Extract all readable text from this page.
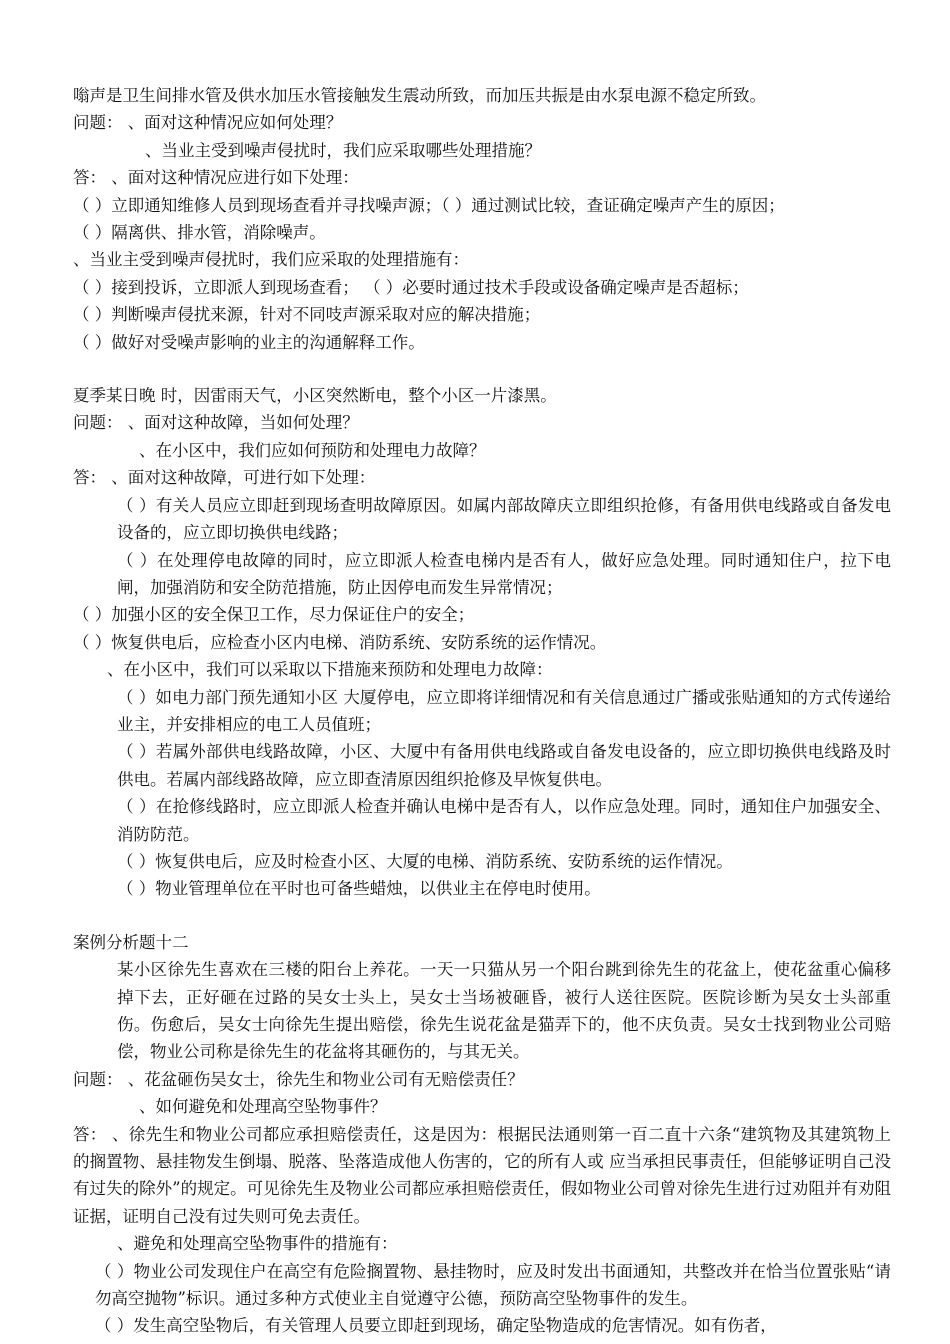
嗡声是卫生间排水管及供水加压水管接触发生震动所致，而加压共振是由水泵电源不稳定所致。
问题： 、面对这种情况应如何处理？
、当业主受到噪声侵扰时，我们应采取哪些处理措施？
答： 、面对这种情况应进行如下处理：
（ ）立即通知维修人员到现场查看并寻找噪声源；（ ）通过测试比较，查证确定噪声产生的原因；
（ ）隔离供、排水管，消除噪声。
、当业主受到噪声侵扰时，我们应采取的处理措施有：
（ ）接到投诉，立即派人到现场查看； （ ）必要时通过技术手段或设备确定噪声是否超标；
（ ）判断噪声侵扰来源，针对不同吱声源采取对应的解决措施；
（ ）做好对受噪声影响的业主的沟通解释工作。
夏季某日晚 时，因雷雨天气，小区突然断电，整个小区一片漆黑。
问题： 、面对这种故障，当如何处理？
、在小区中，我们应如何预防和处理电力故障？
答： 、面对这种故障，可进行如下处理：
（ ）有关人员应立即赶到现场查明故障原因。如属内部故障庆立即组织抢修，有备用供电线路或自备发电设备的，应立即切换供电线路；
（ ）在处理停电故障的同时，应立即派人检查电梯内是否有人，做好应急处理。同时通知住户，拉下电闸，加强消防和安全防范措施，防止因停电而发生异常情况；
（ ）加强小区的安全保卫工作，尽力保证住户的安全；
（ ）恢复供电后，应检查小区内电梯、消防系统、安防系统的运作情况。
、在小区中，我们可以采取以下措施来预防和处理电力故障：
（ ）如电力部门预先通知小区 大厦停电，应立即将详细情况和有关信息通过广播或张贴通知的方式传递给业主，并安排相应的电工人员值班；
（ ）若属外部供电线路故障，小区、大厦中有备用供电线路或自备发电设备的，应立即切换供电线路及时供电。若属内部线路故障，应立即查清原因组织抢修及早恢复供电。
（ ）在抢修线路时，应立即派人检查并确认电梯中是否有人，以作应急处理。同时，通知住户加强安全、消防防范。
（ ）恢复供电后，应及时检查小区、大厦的电梯、消防系统、安防系统的运作情况。
（ ）物业管理单位在平时也可备些蜡烛，以供业主在停电时使用。
案例分析题十二
某小区徐先生喜欢在三楼的阳台上养花。一天一只猫从另一个阳台跳到徐先生的花盆上，使花盆重心偏移掉下去，正好砸在过路的吴女士头上，吴女士当场被砸昏，被行人送往医院。医院诊断为吴女士头部重伤。伤愈后，吴女士向徐先生提出赔偿，徐先生说花盆是猫弄下的，他不庆负责。吴女士找到物业公司赔偿，物业公司称是徐先生的花盆将其砸伤的，与其无关。
问题： 、花盆砸伤吴女士，徐先生和物业公司有无赔偿责任？
、如何避免和处理高空坠物事件？
答： 、徐先生和物业公司都应承担赔偿责任，这是因为：根据民法通则第一百二直十六条“建筑物及其建筑物上的搁置物、悬挂物发生倒塌、脱落、坠落造成他人伤害的，它的所有人或 应当承担民事责任，但能够证明自己没有过失的除外”的规定。可见徐先生及物业公司都应承担赔偿责任，假如物业公司曾对徐先生进行过劝阻并有劝阻证据，证明自己没有过失则可免去责任。
、避免和处理高空坠物事件的措施有：
（ ）物业公司发现住户在高空有危险搁置物、悬挂物时，应及时发出书面通知，共整改并在恰当位置张贴“请勿高空抛物”标识。通过多种方式使业主自觉遵守公德，预防高空坠物事件的发生。
（ ）发生高空坠物后，有关管理人员要立即赶到现场，确定坠物造成的危害情况。如有伤者，
